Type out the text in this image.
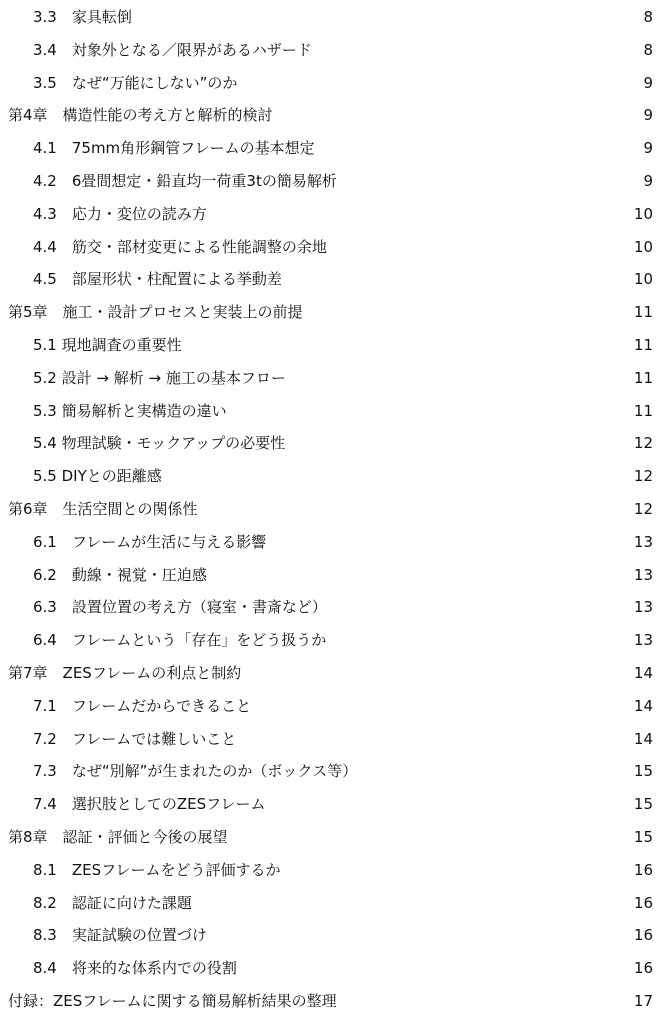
3.3　家具転倒	8
3.4　対象外となる／限界があるハザード	8
3.5　なぜ“万能にしない”のか	9
第4章　構造性能の考え方と解析的検討	9
4.1　75mm角形鋼管フレームの基本想定	9
4.2　6畳間想定・鉛直均一荷重3tの簡易解析	9
4.3　応力・変位の読み方	10
4.4　筋交・部材変更による性能調整の余地	10
4.5　部屋形状・柱配置による挙動差	10
第5章　施工・設計プロセスと実装上の前提	11
5.1 現地調査の重要性	11
5.2 設計 → 解析 → 施工の基本フロー	11
5.3 簡易解析と実構造の違い	11
5.4 物理試験・モックアップの必要性	12
5.5 DIYとの距離感	12
第6章　生活空間との関係性	12
6.1　フレームが生活に与える影響	13
6.2　動線・視覚・圧迫感	13
6.3　設置位置の考え方（寝室・書斎など）	13
6.4　フレームという「存在」をどう扱うか	13
第7章　ZESフレームの利点と制約	14
7.1　フレームだからできること	14
7.2　フレームでは難しいこと	14
7.3　なぜ“別解”が生まれたのか（ボックス等）	15
7.4　選択肢としてのZESフレーム	15
第8章　認証・評価と今後の展望	15
8.1　ZESフレームをどう評価するか	16
8.2　認証に向けた課題	16
8.3　実証試験の位置づけ	16
8.4　将来的な体系内での役割	16
付録：ZESフレームに関する簡易解析結果の整理	17
